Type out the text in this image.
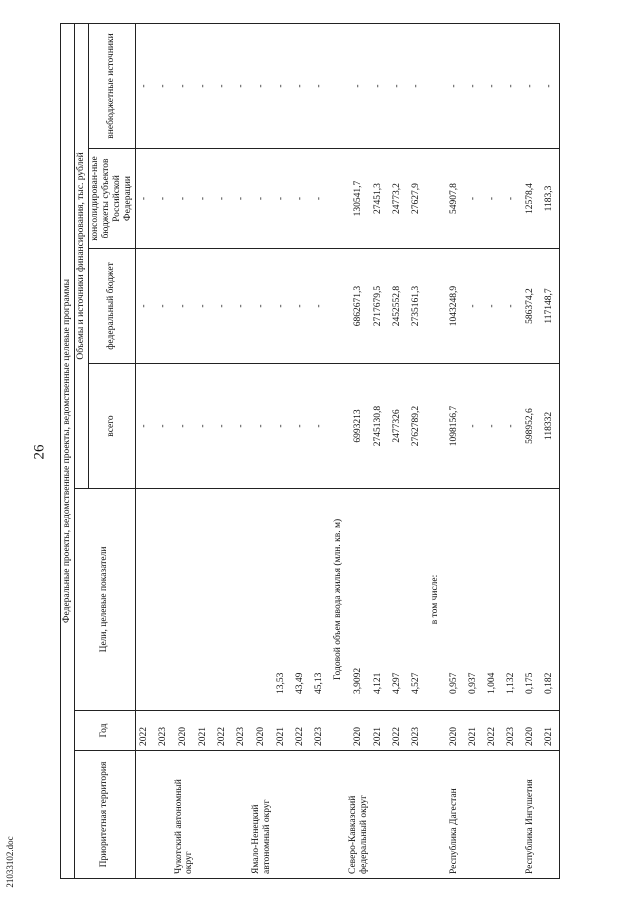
26
21033102.doc
Федеральные проекты, ведомственные проекты, ведомственные целевые программы						
Приоритетная территория	Год	Цели, целевые показатели	Объемы и источники финансирования, тыс. рублей			
			всего	федеральный бюджет	консолидирован-ные бюджеты субъектов Российской Федерации	внебюджетные источники
	2022		-	-	-	-
	2023		-	-	-	-
Чукотский автономный округ	2020		-	-	-	-
	2021		-	-	-	-
	2022		-	-	-	-
	2023		-	-	-	-
Ямало-Ненецкий автономный округ	2020		-	-	-	-
	2021	13,53	-	-	-	-
	2022	43,49	-	-	-	-
	2023	45,13	-	-	-	-
		Годовой объем ввода жилья (млн. кв. м)				
Северо-Кавказский федеральный округ	2020	3,9092	6993213	6862671,3	130541,7	-
	2021	4,121	2745130,8	2717679,5	27451,3	-
	2022	4,297	2477326	2452552,8	24773,2	-
	2023	4,527	2762789,2	2735161,3	27627,9	-
		в том числе:				
Республика Дагестан	2020	0,957	1098156,7	1043248,9	54907,8	-
	2021	0,937	-	-	-	-
	2022	1,004	-	-	-	-
	2023	1,132	-	-	-	-
Республика Ингушетия	2020	0,175	598952,6	586374,2	12578,4	-
	2021	0,182	118332	117148,7	1183,3	-
